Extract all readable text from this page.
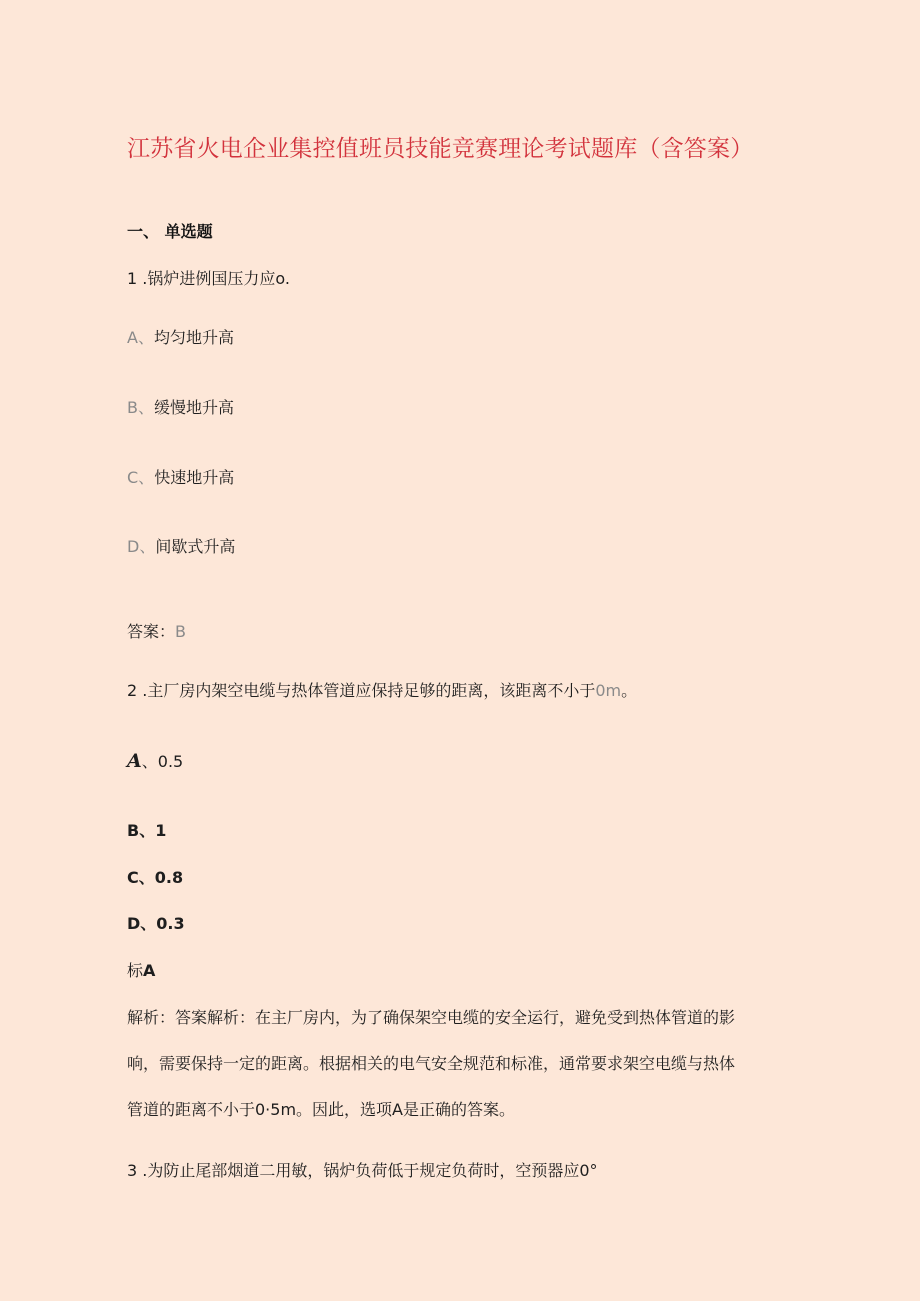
江苏省火电企业集控值班员技能竞赛理论考试题库（含答案）
一、 单选题
1 .锅炉进例国压力应o.
A、均匀地升高
B、缓慢地升高
C、快速地升高
D、间歇式升高
答案：B
2 .主厂房内架空电缆与热体管道应保持足够的距离，该距离不小于0m。
A、0.5
B、1
C、0.8
D、0.3
标A
解析：答案解析：在主厂房内，为了确保架空电缆的安全运行，避免受到热体管道的影
响，需要保持一定的距离。根据相关的电气安全规范和标准，通常要求架空电缆与热体
管道的距离不小于0·5m。因此，选项A是正确的答案。
3 .为防止尾部烟道二用敏，锅炉负荷低于规定负荷时，空预器应0°
